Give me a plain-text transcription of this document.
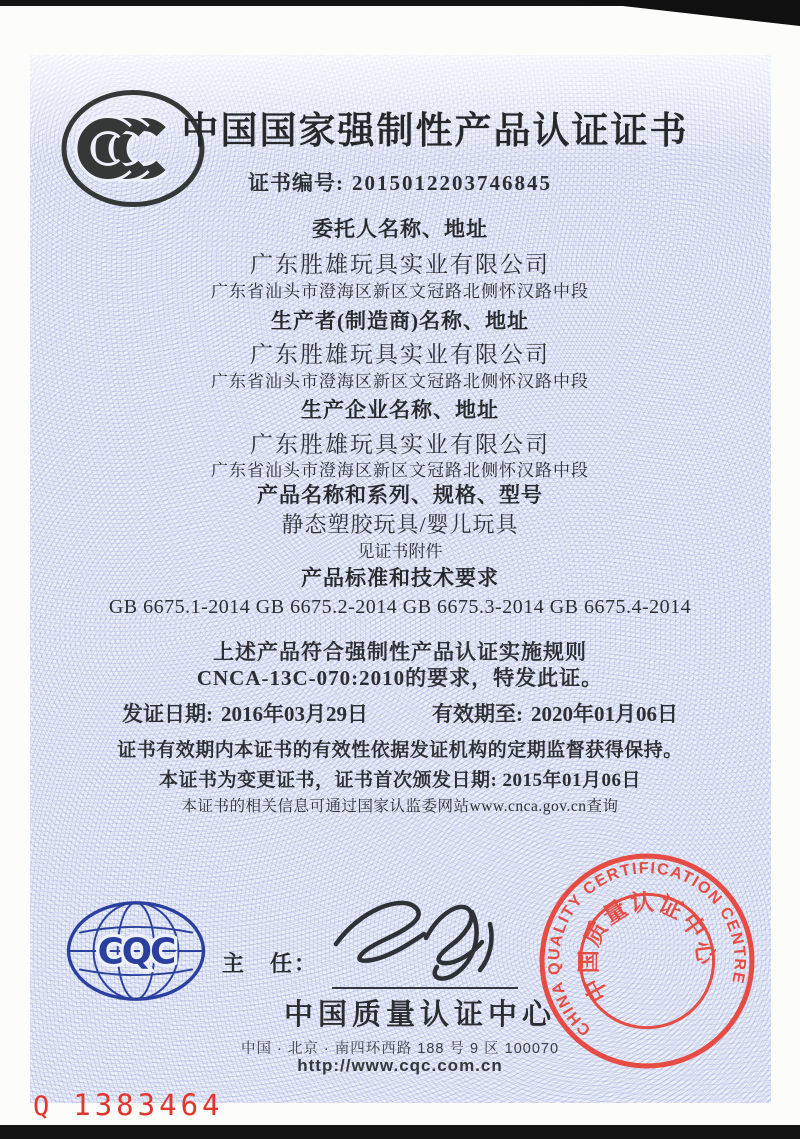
中国国家强制性产品认证证书
证书编号: 2015012203746845
委托人名称、地址
广东胜雄玩具实业有限公司
广东省汕头市澄海区新区文冠路北侧怀汉路中段
生产者(制造商)名称、地址
广东胜雄玩具实业有限公司
广东省汕头市澄海区新区文冠路北侧怀汉路中段
生产企业名称、地址
广东胜雄玩具实业有限公司
广东省汕头市澄海区新区文冠路北侧怀汉路中段
产品名称和系列、规格、型号
静态塑胶玩具/婴儿玩具
见证书附件
产品标准和技术要求
GB 6675.1-2014 GB 6675.2-2014 GB 6675.3-2014 GB 6675.4-2014
上述产品符合强制性产品认证实施规则
CNCA-13C-070:2010的要求，特发此证。
发证日期: 2016年03月29日	有效期至: 2020年01月06日
证书有效期内本证书的有效性依据发证机构的定期监督获得保持。
本证书为变更证书，证书首次颁发日期: 2015年01月06日
本证书的相关信息可通过国家认监委网站www.cnca.gov.cn查询
CQC 主　任：
中国质量认证中心
中国 · 北京 · 南四环西路 188 号 9 区 100070
http://www.cqc.com.cn
CHINA QUALITY CERTIFICATION CENTRE
中国质量认证中心
Q 1383464
